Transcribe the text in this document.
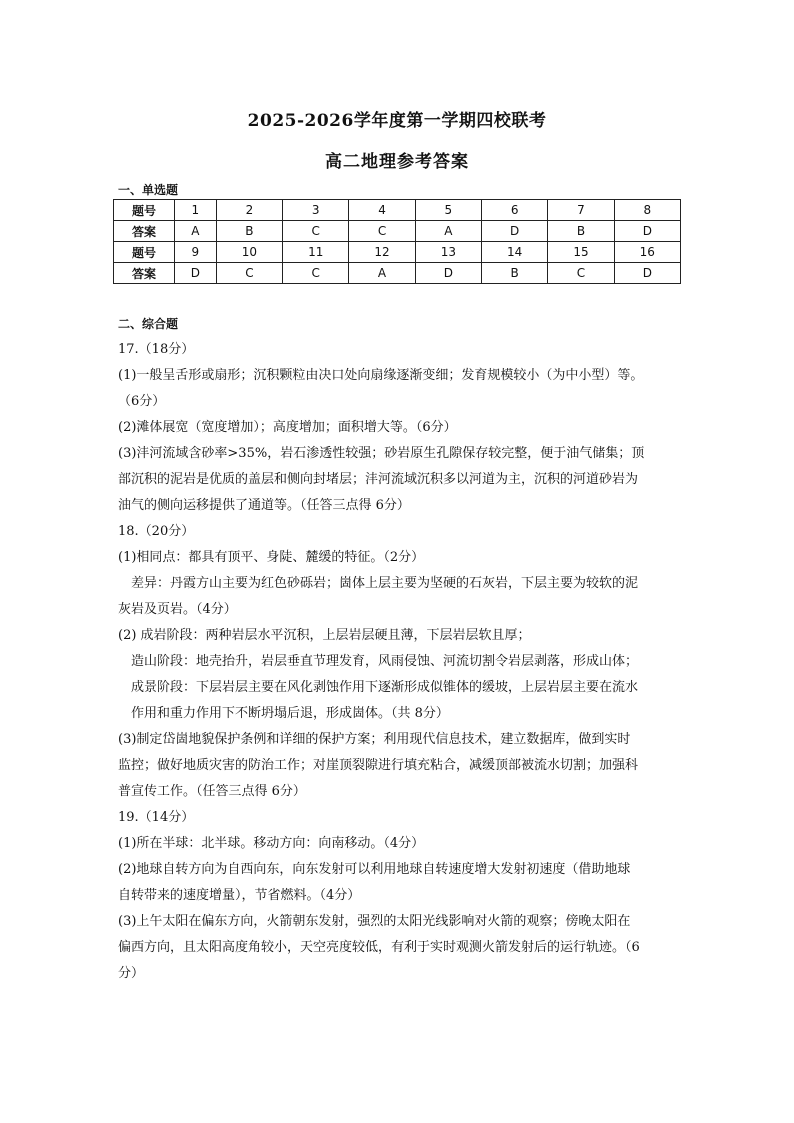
2025-2026学年度第一学期四校联考
高二地理参考答案
一、单选题
题号	1	2	3	4	5	6	7	8
答案	A	B	C	C	A	D	B	D
题号	9	10	11	12	13	14	15	16
答案	D	C	C	A	D	B	C	D

二、综合题

17.（18分）

(1)一般呈舌形或扇形；沉积颗粒由决口处向扇缘逐渐变细；发育规模较小（为中小型）等。

（6分）

(2)滩体展宽（宽度增加）；高度增加；面积增大等。（6分）

(3)沣河流域含砂率>35%，岩石渗透性较强；砂岩原生孔隙保存较完整，便于油气储集；顶

部沉积的泥岩是优质的盖层和侧向封堵层；沣河流域沉积多以河道为主，沉积的河道砂岩为

油气的侧向运移提供了通道等。（任答三点得 6分）

18.（20分）

(1)相同点：都具有顶平、身陡、麓缓的特征。（2分）

差异：丹霞方山主要为红色砂砾岩；崮体上层主要为坚硬的石灰岩，下层主要为较软的泥

灰岩及页岩。（4分）

(2) 成岩阶段：两种岩层水平沉积，上层岩层硬且薄，下层岩层软且厚；

造山阶段：地壳抬升，岩层垂直节理发育，风雨侵蚀、河流切割令岩层剥落，形成山体；

成景阶段：下层岩层主要在风化剥蚀作用下逐渐形成似锥体的缓坡，上层岩层主要在流水

作用和重力作用下不断坍塌后退，形成崮体。（共 8分）

(3)制定岱崮地貌保护条例和详细的保护方案；利用现代信息技术，建立数据库，做到实时

监控；做好地质灾害的防治工作；对崖顶裂隙进行填充粘合，减缓顶部被流水切割；加强科

普宣传工作。（任答三点得 6分）

19.（14分）

(1)所在半球：北半球。移动方向：向南移动。（4分）

(2)地球自转方向为自西向东，向东发射可以利用地球自转速度增大发射初速度（借助地球

自转带来的速度增量），节省燃料。（4分）

(3)上午太阳在偏东方向，火箭朝东发射，强烈的太阳光线影响对火箭的观察；傍晚太阳在

偏西方向，且太阳高度角较小，天空亮度较低，有利于实时观测火箭发射后的运行轨迹。（6

分）
